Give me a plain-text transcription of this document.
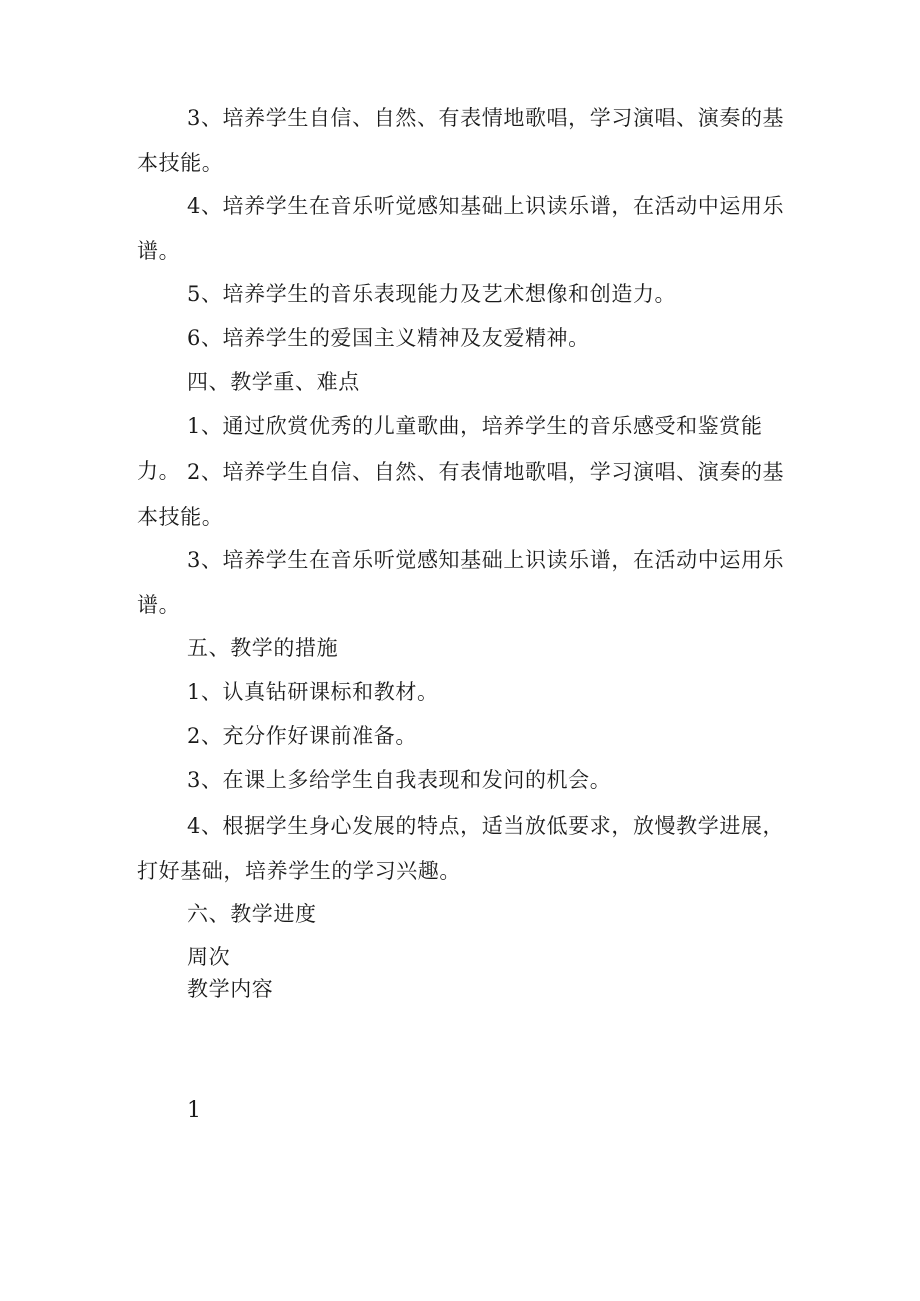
3、培养学生自信、自然、有表情地歌唱，学习演唱、演奏的基本技能。

4、培养学生在音乐听觉感知基础上识读乐谱，在活动中运用乐谱。

5、培养学生的音乐表现能力及艺术想像和创造力。

6、培养学生的爱国主义精神及友爱精神。

四、教学重、难点

1、通过欣赏优秀的儿童歌曲，培养学生的音乐感受和鉴赏能力。 2、培养学生自信、自然、有表情地歌唱，学习演唱、演奏的基本技能。

3、培养学生在音乐听觉感知基础上识读乐谱，在活动中运用乐谱。

五、教学的措施

1、认真钻研课标和教材。

2、充分作好课前准备。

3、在课上多给学生自我表现和发问的机会。

4、根据学生身心发展的特点，适当放低要求，放慢教学进展，打好基础，培养学生的学习兴趣。

六、教学进度

周次

教学内容

1
